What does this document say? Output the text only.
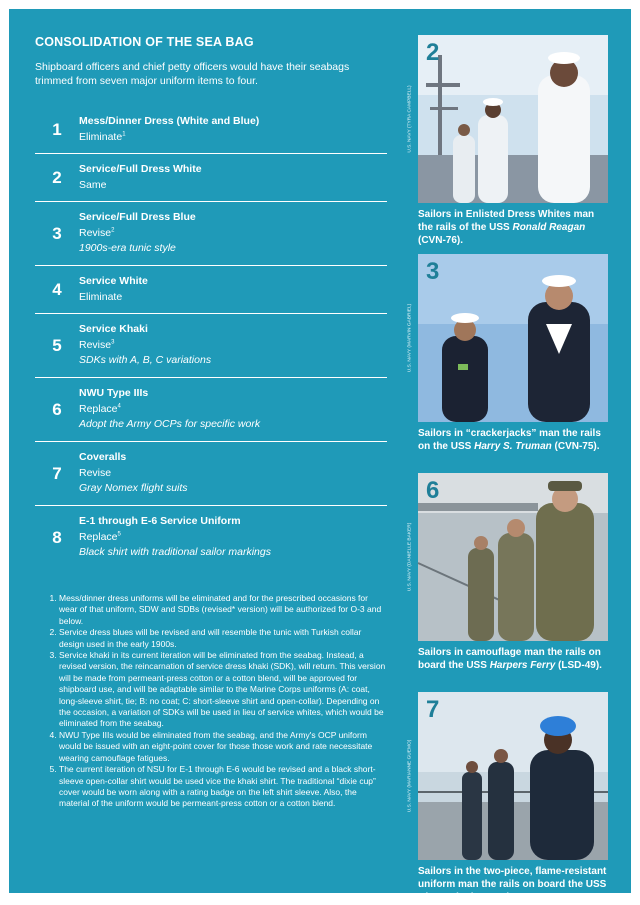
CONSOLIDATION OF THE SEA BAG
Shipboard officers and chief petty officers would have their seabags trimmed from seven major uniform items to four.
1	Mess/Dinner Dress (White and Blue)
Eliminate$^1$
2	Service/Full Dress White
Same
3
Service/Full Dress Blue
Revise$^2$
1900s-era tunic style
4	Service White
Eliminate
5
Service Khaki
Revise$^3$
SDKs with A, B, C variations
6
NWU Type IIIs
Replace$^4$
Adopt the Army OCPs for specific work
7
Coveralls
Revise
Gray Nomex flight suits
8
E-1 through E-6 Service Uniform
Replace$^5$
Black shirt with traditional sailor markings
1. Mess/dinner dress uniforms will be eliminated and for the prescribed occasions for wear of that uniform, SDW and SDBs (revised* version) will be authorized for O-3 and below.
2. Service dress blues will be revised and will resemble the tunic with Turkish collar design used in the early 1900s.
3. Service khaki in its current iteration will be eliminated from the seabag. Instead, a revised version, the reincarnation of service dress khaki (SDK), will return. This version will be made from permeant-press cotton or a cotton blend, will be approved for shipboard use, and will be adaptable similar to the Marine Corps uniforms (A: coat, long-sleeve shirt, tie; B: no coat; C: short-sleeve shirt and open-collar). Depending on the occasion, a variation of SDKs will be used in lieu of service whites, which would be eliminated from the seabag.
4. NWU Type IIIs would be eliminated from the seabag, and the Army's OCP uniform would be issued with an eight-point cover for those those work and rate necessitate wearing camouflage fatigues.
5. The current iteration of NSU for E-1 through E-6 would be revised and a black short-sleeve open-collar shirt would be used vice the khaki shirt. The traditional “dixie cup” cover would be worn along with a rating badge on the left shirt sleeve. Also, the material of the uniform would be permeant-press cotton or a cotton blend.
2
U.S. NAVY (TYRA CAMPBELL)
Sailors in Enlisted Dress Whites man the rails of the USS Ronald Reagan (CVN-76).
3
U.S. NAVY (MARVIN GABRIEL)
Sailors in “crackerjacks” man the rails on the USS Harry S. Truman (CVN-75).
6
U.S. NAVY (DANIELLE BAKER)
Sailors in camouflage man the rails on board the USS Harpers Ferry (LSD-49).
7
U.S. NAVY (MARIANNE GUEMO)
Sailors in the two-piece, flame-resistant uniform man the rails on board the USS Sioux City (LCS-11).
